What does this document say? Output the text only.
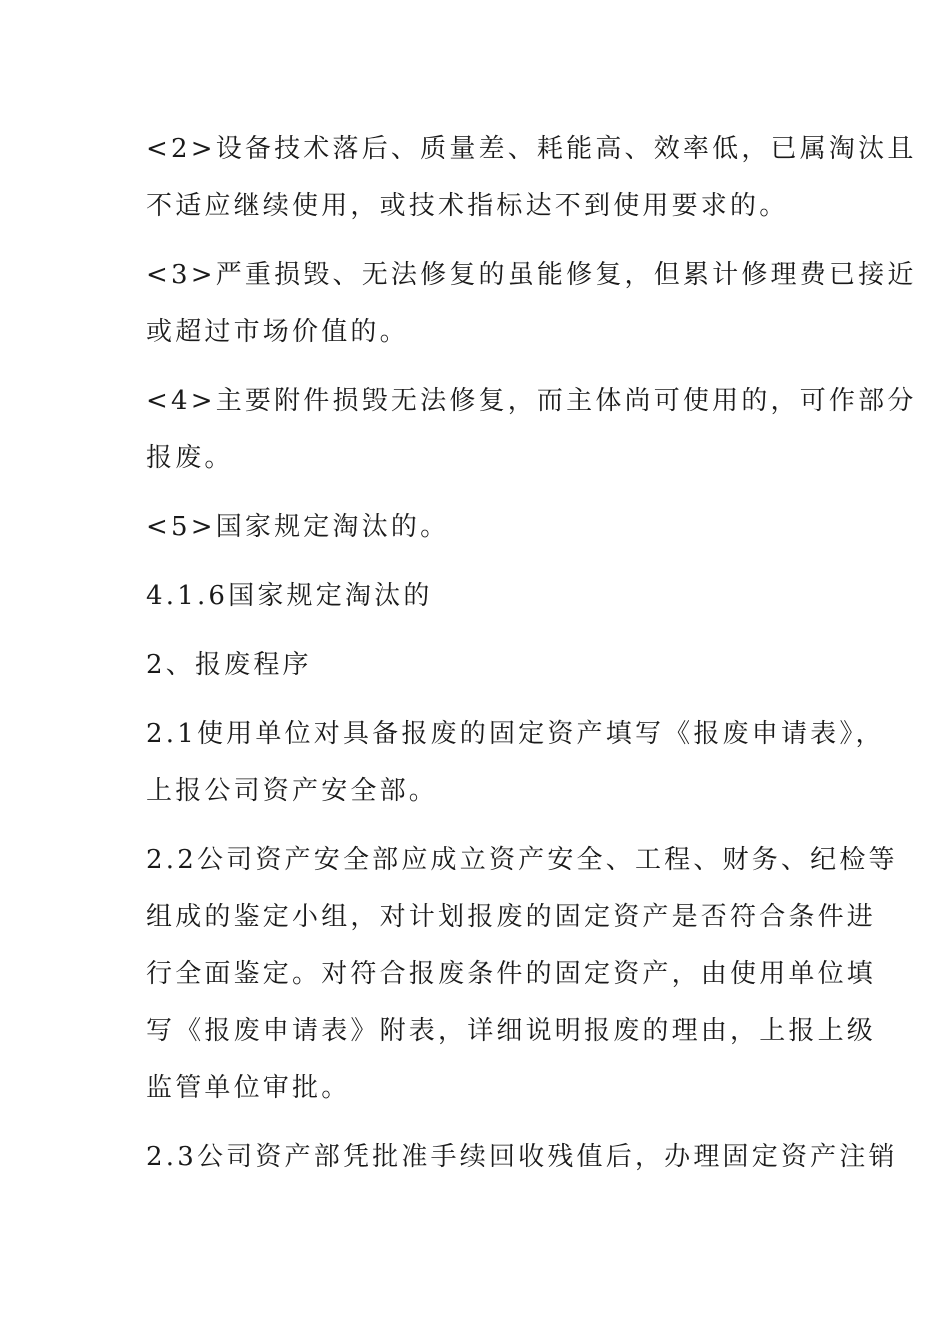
<2>设备技术落后、质量差、耗能高、效率低，已属淘汰且
不适应继续使用，或技术指标达不到使用要求的。
<3>严重损毁、无法修复的虽能修复，但累计修理费已接近
或超过市场价值的。
<4>主要附件损毁无法修复，而主体尚可使用的，可作部分
报废。
<5>国家规定淘汰的。
4.1.6国家规定淘汰的
2、报废程序
2.1使用单位对具备报废的固定资产填写《报废申请表》，
上报公司资产安全部。
2.2公司资产安全部应成立资产安全、工程、财务、纪检等
组成的鉴定小组，对计划报废的固定资产是否符合条件进
行全面鉴定。对符合报废条件的固定资产，由使用单位填
写《报废申请表》附表，详细说明报废的理由，上报上级
监管单位审批。
2.3公司资产部凭批准手续回收残值后，办理固定资产注销
